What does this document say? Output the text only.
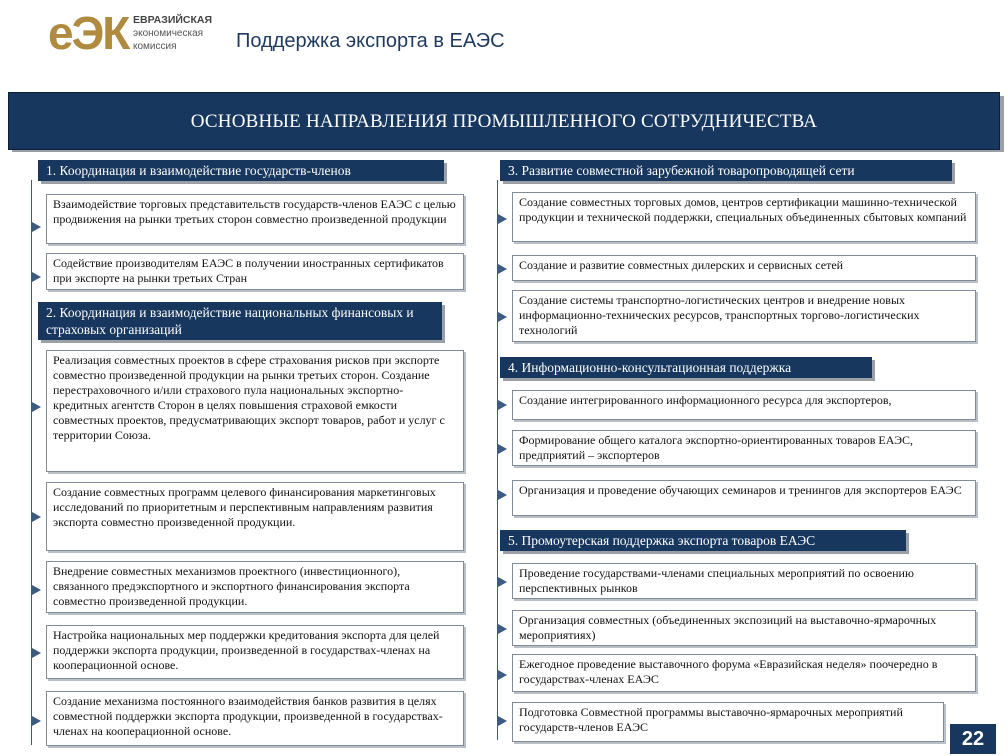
еЭК ЕВРАЗИЙСКАЯ
экономическая
комиссия	Поддержка экспорта в ЕАЭС
ОСНОВНЫЕ НАПРАВЛЕНИЯ ПРОМЫШЛЕННОГО СОТРУДНИЧЕСТВА
1. Координация и взаимодействие государств-членов
Взаимодействие торговых представительств государств-членов ЕАЭС с целью продвижения на рынки третьих сторон совместно произведенной продукции
Содействие производителям ЕАЭС в получении иностранных сертификатов при экспорте на рынки третьих Стран
2. Координация и взаимодействие национальных финансовых и страховых организаций
Реализация совместных проектов в сфере страхования рисков при экспорте совместно произведенной продукции на рынки третьих сторон. Создание перестраховочного и/или страхового пула национальных экспортно-кредитных агентств Сторон в целях повышения страховой емкости совместных проектов, предусматривающих экспорт товаров, работ и услуг с территории Союза.
Создание совместных программ целевого финансирования маркетинговых исследований по приоритетным и перспективным направлениям развития экспорта совместно произведенной продукции.
Внедрение совместных механизмов проектного (инвестиционного), связанного предэкспортного и экспортного финансирования экспорта совместно произведенной продукции.
Настройка национальных мер поддержки кредитования экспорта для целей поддержки экспорта продукции, произведенной в государствах-членах на кооперационной основе.
Создание механизма постоянного взаимодействия банков развития в целях совместной поддержки экспорта продукции, произведенной в государствах-членах на кооперационной основе.
3. Развитие совместной зарубежной товаропроводящей сети
Создание совместных торговых домов, центров сертификации машинно-технической продукции и технической поддержки, специальных объединенных сбытовых компаний
Создание и развитие совместных дилерских и сервисных сетей
Создание системы транспортно-логистических центров и внедрение новых информационно-технических ресурсов, транспортных торгово-логистических технологий
4. Информационно-консультационная поддержка
Создание интегрированного информационного ресурса для экспортеров,
Формирование общего каталога экспортно-ориентированных товаров ЕАЭС, предприятий – экспортеров
Организация и проведение обучающих семинаров и тренингов для экспортеров ЕАЭС
5. Промоутерская поддержка экспорта товаров ЕАЭС
Проведение государствами-членами специальных мероприятий по освоению перспективных рынков
Организация совместных (объединенных экспозиций на выставочно-ярмарочных мероприятиях)
Ежегодное проведение выставочного форума «Евразийская неделя» поочередно в государствах-членах ЕАЭС
Подготовка Совместной программы выставочно-ярмарочных мероприятий государств-членов ЕАЭС
22
